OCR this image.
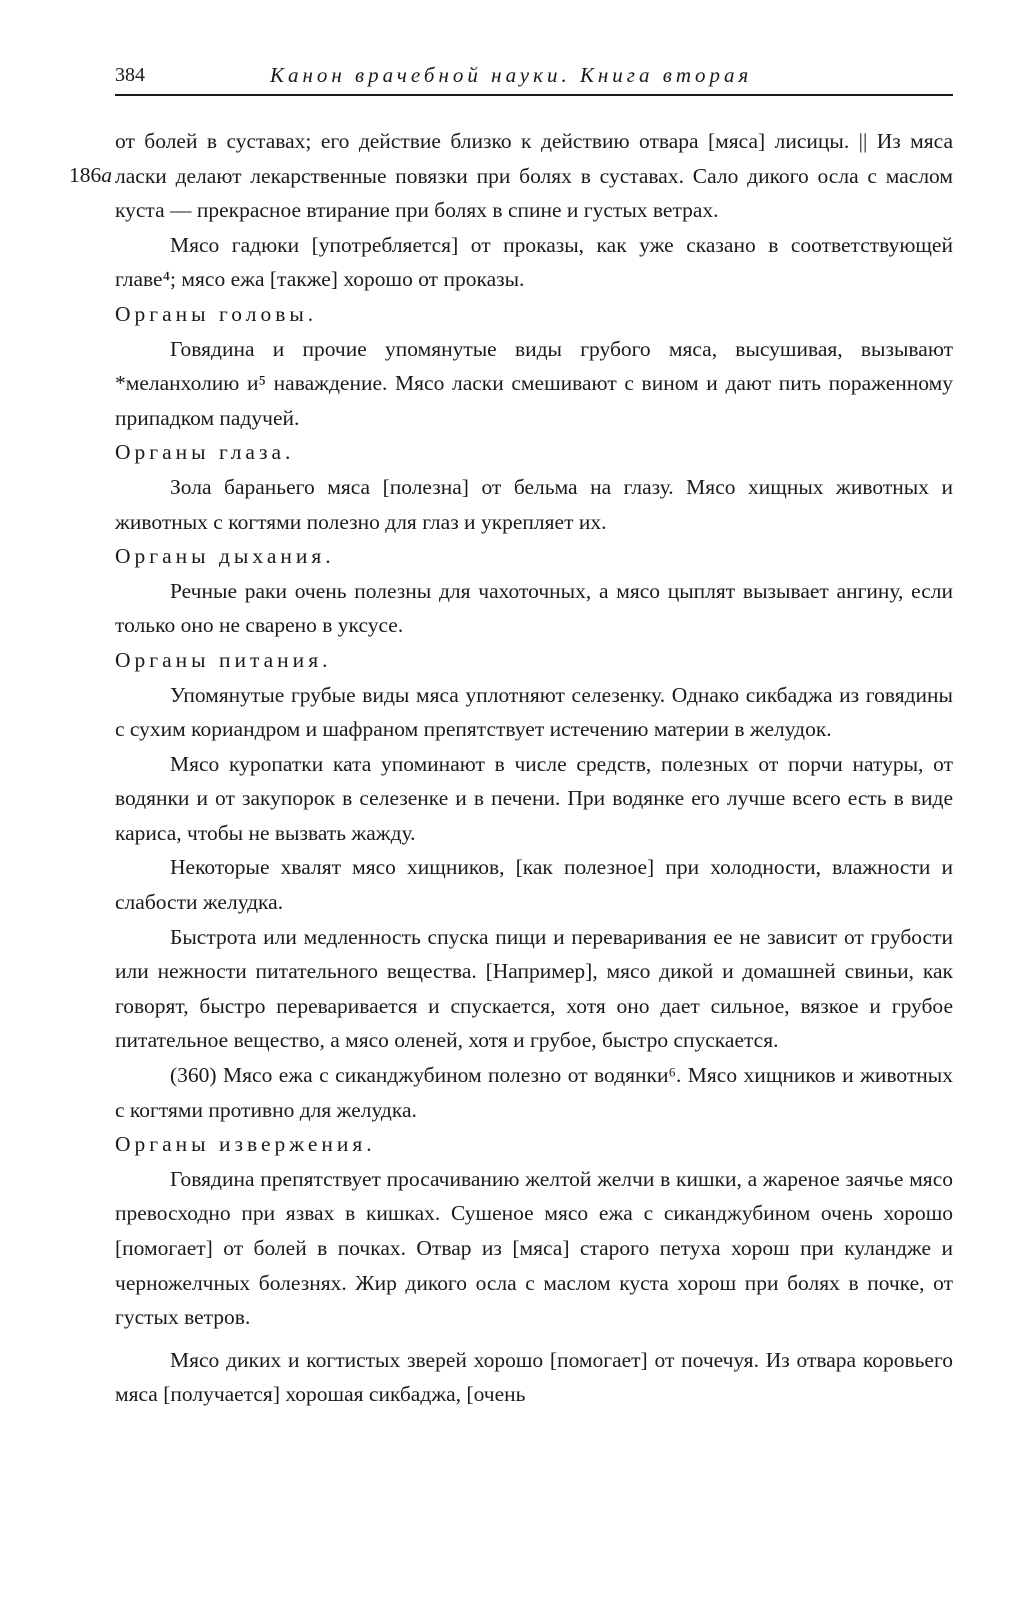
384	Канон врачебной науки. Книга вторая
186a

от болей в суставах; его действие близко к действию отвара [мяса] лисицы. || Из мяса ласки делают лекарственные повязки при болях в суставах. Сало дикого осла с маслом куста — прекрасное втирание при болях в спине и густых ветрах.

Мясо гадюки [употребляется] от проказы, как уже сказано в соответствующей главе⁴; мясо ежа [также] хорошо от проказы.

Органы головы.

Говядина и прочие упомянутые виды грубого мяса, высушивая, вызывают *меланхолию и⁵ наваждение. Мясо ласки смешивают с вином и дают пить пораженному припадком падучей.

Органы глаза.

Зола бараньего мяса [полезна] от бельма на глазу. Мясо хищных животных и животных с когтями полезно для глаз и укрепляет их.

Органы дыхания.

Речные раки очень полезны для чахоточных, а мясо цыплят вызывает ангину, если только оно не сварено в уксусе.

Органы питания.

Упомянутые грубые виды мяса уплотняют селезенку. Однако сикбаджа из говядины с сухим кориандром и шафраном препятствует истечению материи в желудок.

Мясо куропатки ката упоминают в числе средств, полезных от порчи натуры, от водянки и от закупорок в селезенке и в печени. При водянке его лучше всего есть в виде кариса, чтобы не вызвать жажду.

Некоторые хвалят мясо хищников, [как полезное] при холодности, влажности и слабости желудка.

Быстрота или медленность спуска пищи и переваривания ее не зависит от грубости или нежности питательного вещества. [Например], мясо дикой и домашней свиньи, как говорят, быстро переваривается и спускается, хотя оно дает сильное, вязкое и грубое питательное вещество, а мясо оленей, хотя и грубое, быстро спускается.

(360) Мясо ежа с сиканджубином полезно от водянки⁶. Мясо хищников и животных с когтями противно для желудка.

Органы извержения.

Говядина препятствует просачиванию желтой желчи в кишки, а жареное заячье мясо превосходно при язвах в кишках. Сушеное мясо ежа с сиканджубином очень хорошо [помогает] от болей в почках. Отвар из [мяса] старого петуха хорош при куландже и черножелчных болезнях. Жир дикого осла с маслом куста хорош при болях в почке, от густых ветров.

Мясо диких и когтистых зверей хорошо [помогает] от почечуя. Из отвара коровьего мяса [получается] хорошая сикбаджа, [очень
